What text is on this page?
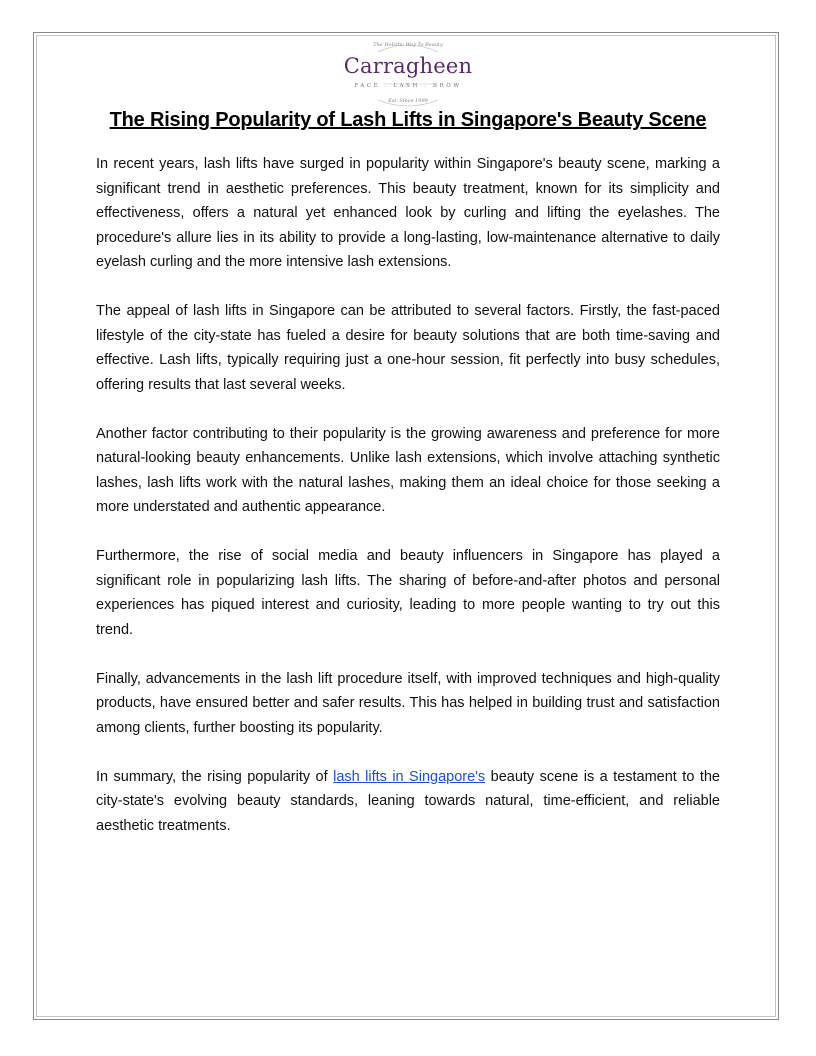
The Holistic Way To Beauty
Carragheen
FACE . LASH . BROW
Est. Since 1999
The Rising Popularity of Lash Lifts in Singapore's Beauty Scene

In recent years, lash lifts have surged in popularity within Singapore's beauty scene, marking a significant trend in aesthetic preferences. This beauty treatment, known for its simplicity and effectiveness, offers a natural yet enhanced look by curling and lifting the eyelashes. The procedure's allure lies in its ability to provide a long-lasting, low-maintenance alternative to daily eyelash curling and the more intensive lash extensions.

The appeal of lash lifts in Singapore can be attributed to several factors. Firstly, the fast-paced lifestyle of the city-state has fueled a desire for beauty solutions that are both time-saving and effective. Lash lifts, typically requiring just a one-hour session, fit perfectly into busy schedules, offering results that last several weeks.

Another factor contributing to their popularity is the growing awareness and preference for more natural-looking beauty enhancements. Unlike lash extensions, which involve attaching synthetic lashes, lash lifts work with the natural lashes, making them an ideal choice for those seeking a more understated and authentic appearance.

Furthermore, the rise of social media and beauty influencers in Singapore has played a significant role in popularizing lash lifts. The sharing of before-and-after photos and personal experiences has piqued interest and curiosity, leading to more people wanting to try out this trend.

Finally, advancements in the lash lift procedure itself, with improved techniques and high-quality products, have ensured better and safer results. This has helped in building trust and satisfaction among clients, further boosting its popularity.

In summary, the rising popularity of lash lifts in Singapore's beauty scene is a testament to the city-state's evolving beauty standards, leaning towards natural, time-efficient, and reliable aesthetic treatments.
